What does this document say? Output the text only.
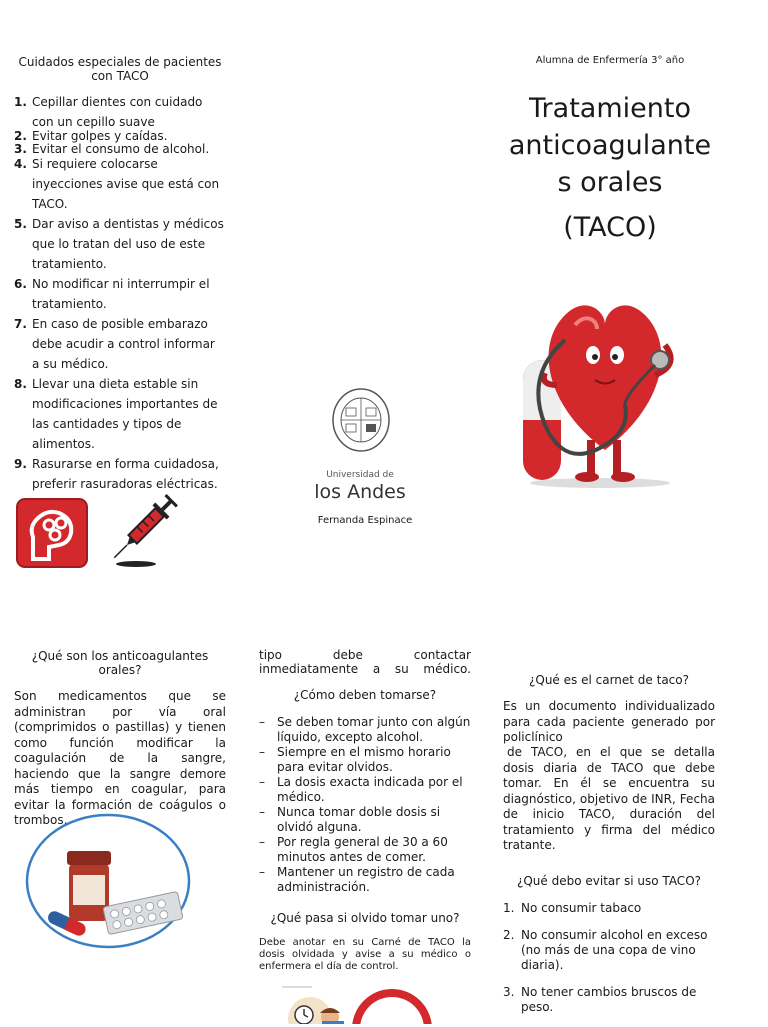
Cuidados especiales de pacientes con TACO
1. Cepillar dientes con cuidado con un cepillo suave
2. Evitar golpes y caídas.
3. Evitar el consumo de alcohol.
4. Si requiere colocarse inyecciones avise que está con TACO.
5. Dar aviso a dentistas y médicos que lo tratan del uso de este tratamiento.
6. No modificar ni interrumpir el tratamiento.
7. En caso de posible embarazo debe acudir a control informar a su médico.
8. Llevar una dieta estable sin modificaciones importantes de las cantidades y tipos de alimentos.
9. Rasurarse en forma cuidadosa, preferir rasuradoras eléctricas.
Universidad de
los Andes
Fernanda Espinace
Alumna de Enfermería 3° año
Tratamiento
anticoagulante
s orales
(TACO)
¿Qué son los anticoagulantes orales?
Son medicamentos que se administran por vía oral (comprimidos o pastillas) y tienen como función modificar la coagulación de la sangre, haciendo que la sangre demore más tiempo en coagular, para evitar la formación de coágulos o trombos.
tipo debe contactar inmediatamente a su médico.
¿Cómo deben tomarse?
– Se deben tomar junto con algún líquido, excepto alcohol.
– Siempre en el mismo horario para evitar olvidos.
– La dosis exacta indicada por el médico.
– Nunca tomar doble dosis si olvidó alguna.
– Por regla general de 30 a 60 minutos antes de comer.
– Mantener un registro de cada administración.
¿Qué pasa si olvido tomar uno?
Debe anotar en su Carné de TACO la dosis olvidada y avise a su médico o enfermera el día de control.
¿Qué es el carnet de taco?
Es un documento individualizado para cada paciente generado por policlínico
de TACO, en el que se detalla dosis diaria de TACO que debe tomar. En él se encuentra su diagnóstico, objetivo de INR, Fecha de inicio TACO, duración del tratamiento y firma del médico tratante.
¿Qué debo evitar si uso TACO?
1. No consumir tabaco
2. No consumir alcohol en exceso (no más de una copa de vino diaria).
3. No tener cambios bruscos de peso.
